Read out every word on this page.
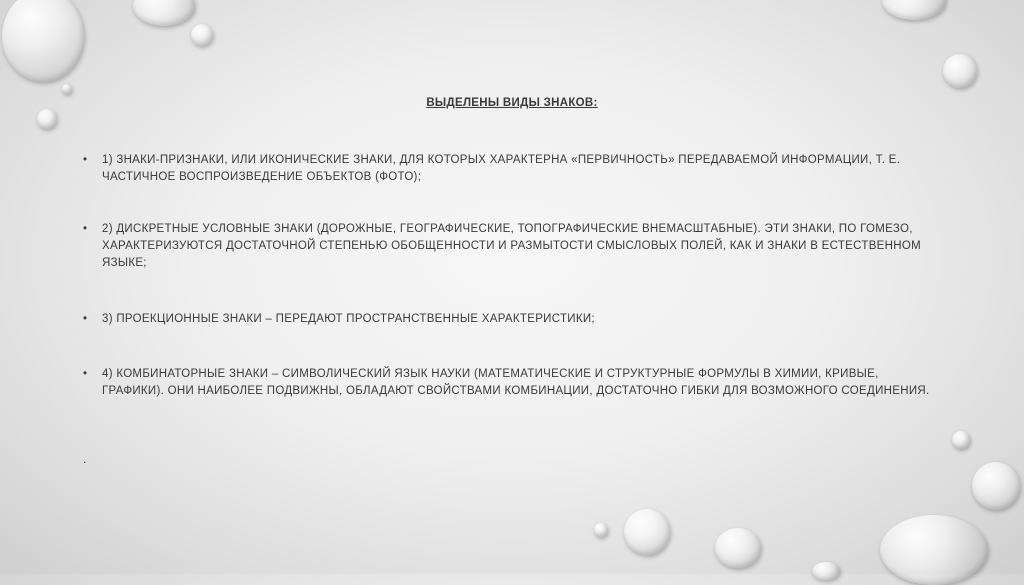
ВЫДЕЛЕНЫ ВИДЫ ЗНАКОВ:
• 1) ЗНАКИ-ПРИЗНАКИ, ИЛИ ИКОНИЧЕСКИЕ ЗНАКИ, ДЛЯ КОТОРЫХ ХАРАКТЕРНА «ПЕРВИЧНОСТЬ» ПЕРЕДАВАЕМОЙ ИНФОРМАЦИИ, Т. Е. ЧАСТИЧНОЕ ВОСПРОИЗВЕДЕНИЕ ОБЪЕКТОВ (ФОТО);
• 2) ДИСКРЕТНЫЕ УСЛОВНЫЕ ЗНАКИ (ДОРОЖНЫЕ, ГЕОГРАФИЧЕСКИЕ, ТОПОГРАФИЧЕСКИЕ ВНЕМАСШТАБНЫЕ). ЭТИ ЗНАКИ, ПО ГОМЕЗО, ХАРАКТЕРИЗУЮТСЯ ДОСТАТОЧНОЙ СТЕПЕНЬЮ ОБОБЩЕННОСТИ И РАЗМЫТОСТИ СМЫСЛОВЫХ ПОЛЕЙ, КАК И ЗНАКИ В ЕСТЕСТВЕННОМ ЯЗЫКЕ;
• 3) ПРОЕКЦИОННЫЕ ЗНАКИ – ПЕРЕДАЮТ ПРОСТРАНСТВЕННЫЕ ХАРАКТЕРИСТИКИ;
• 4) КОМБИНАТОРНЫЕ ЗНАКИ – СИМВОЛИЧЕСКИЙ ЯЗЫК НАУКИ (МАТЕМАТИЧЕСКИЕ И СТРУКТУРНЫЕ ФОРМУЛЫ В ХИМИИ, КРИВЫЕ, ГРАФИКИ). ОНИ НАИБОЛЕЕ ПОДВИЖНЫ, ОБЛАДАЮТ СВОЙСТВАМИ КОМБИНАЦИИ, ДОСТАТОЧНО ГИБКИ ДЛЯ ВОЗМОЖНОГО СОЕДИНЕНИЯ.
.
